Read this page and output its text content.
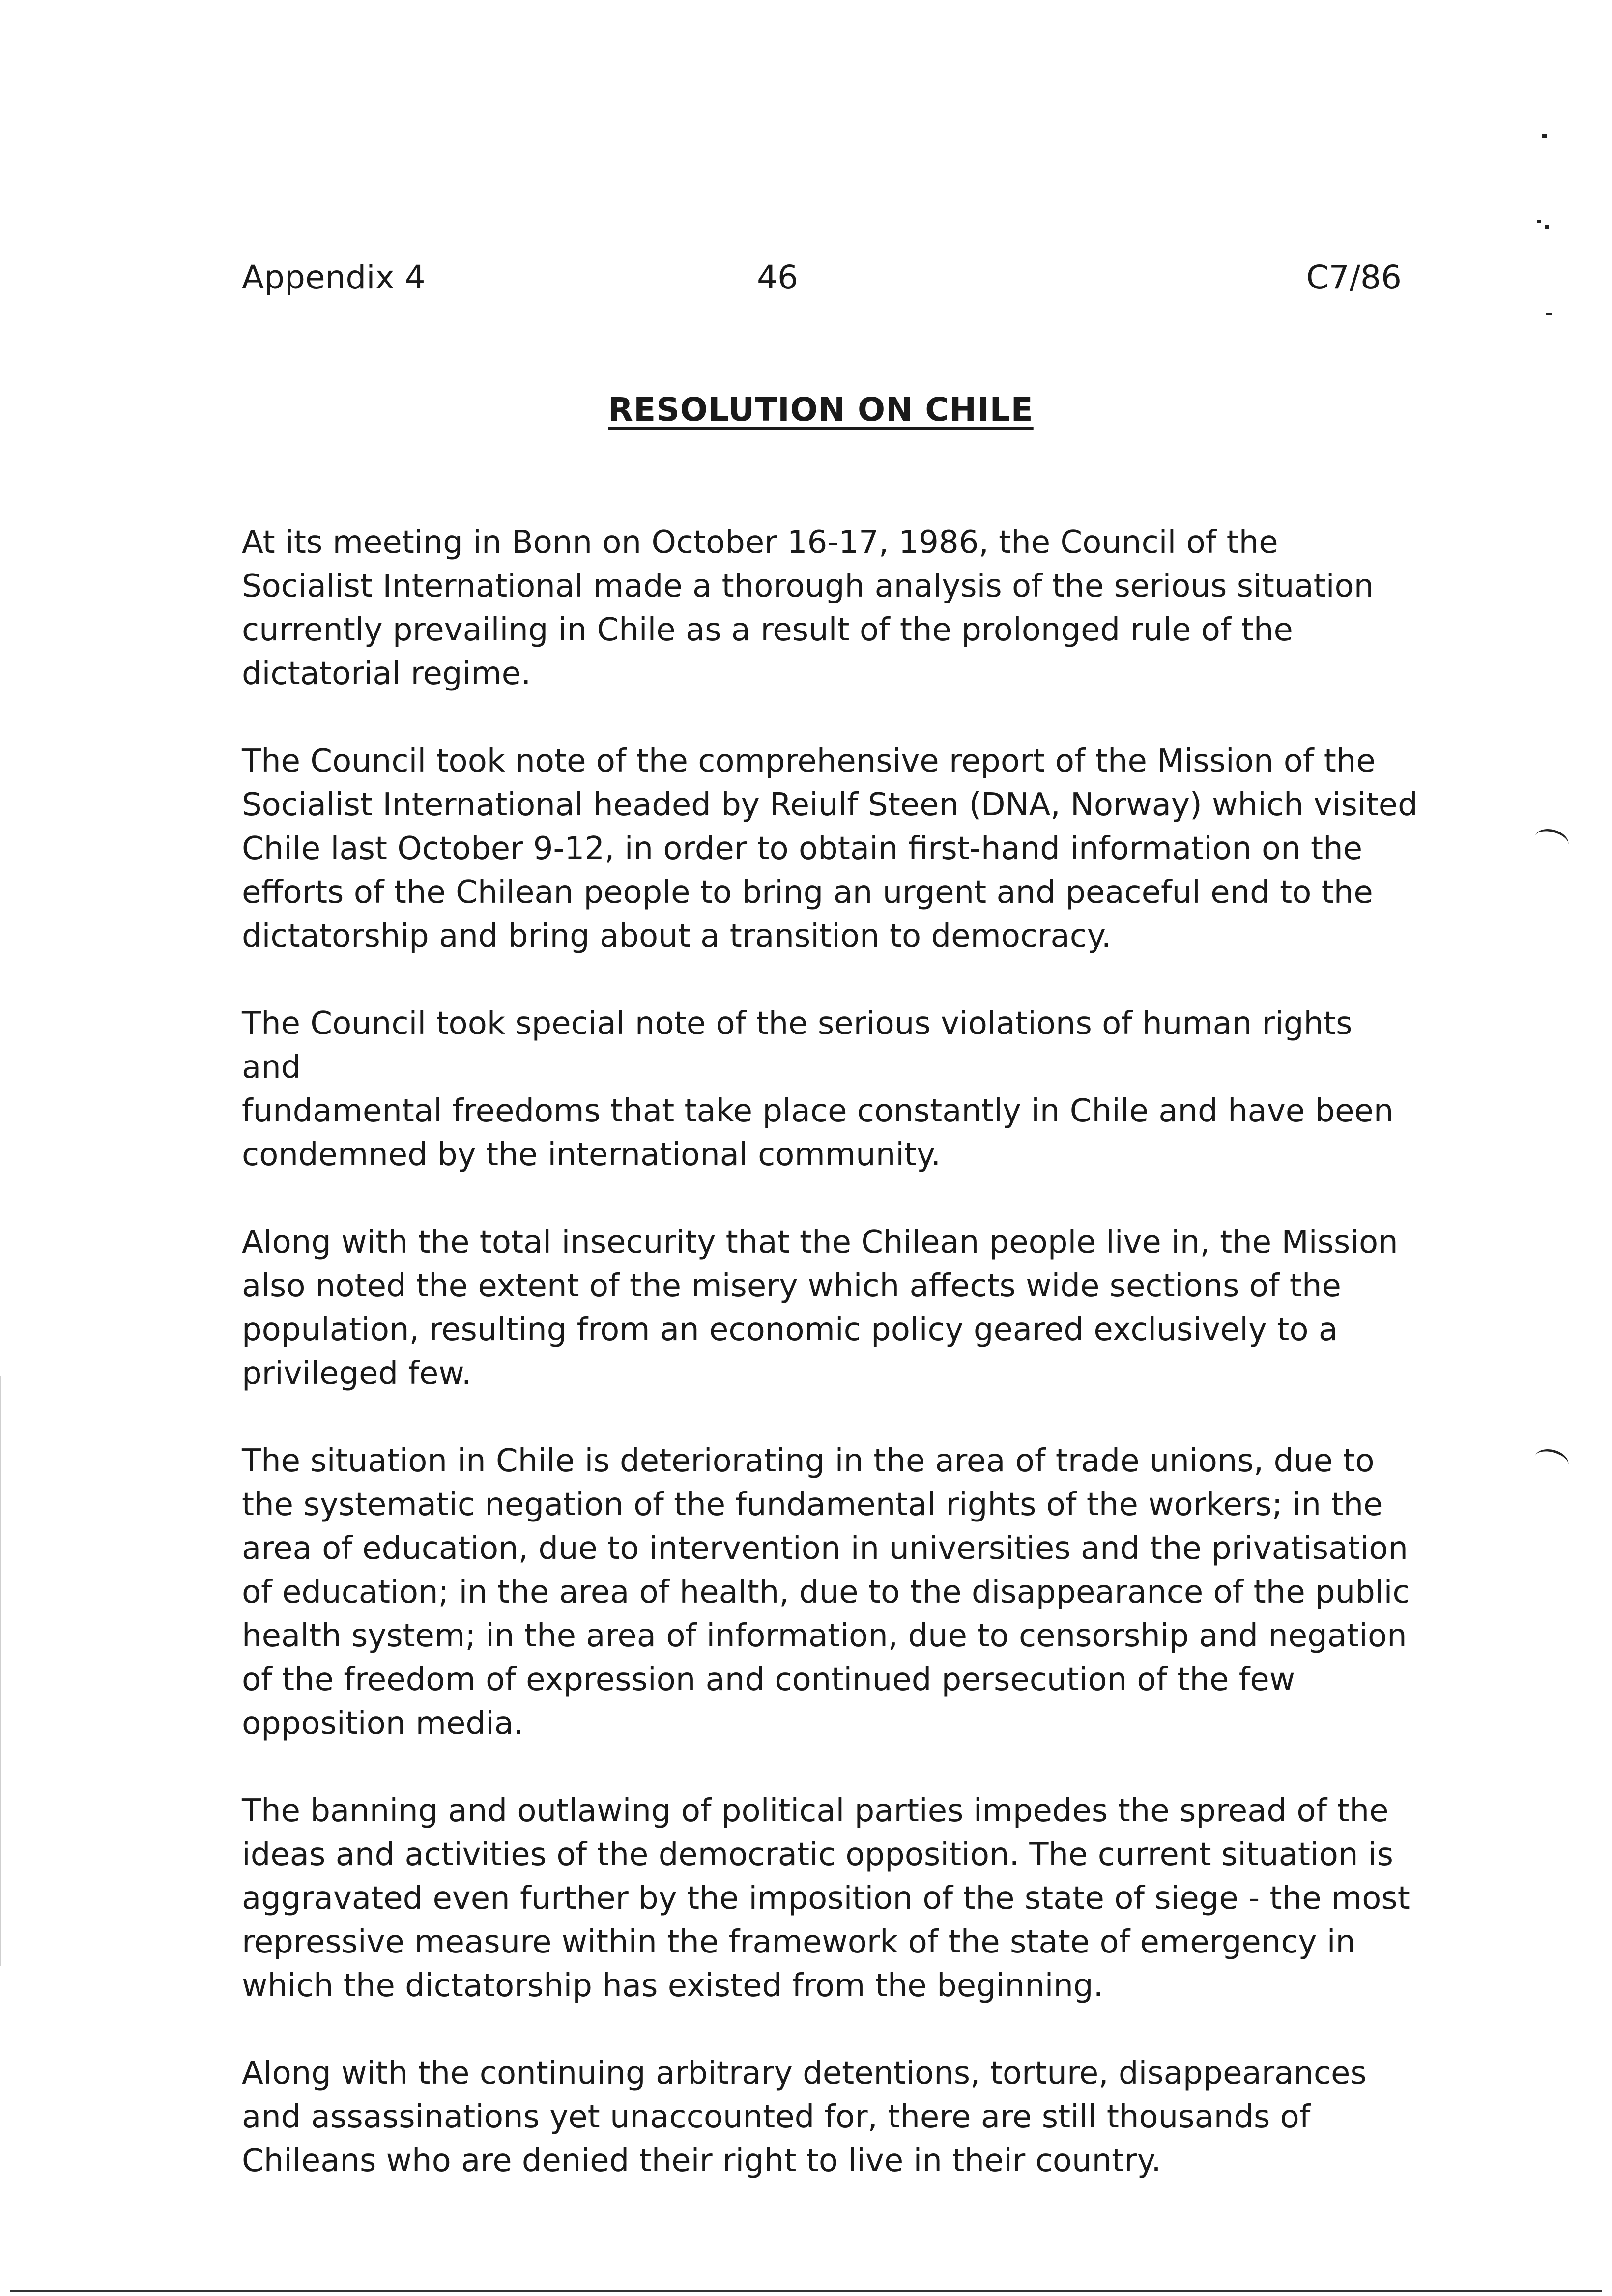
Appendix 4	46	C7/86
RESOLUTION ON CHILE

At its meeting in Bonn on October 16-17, 1986, the Council of the
Socialist International made a thorough analysis of the serious situation
currently prevailing in Chile as a result of the prolonged rule of the
dictatorial regime.

The Council took note of the comprehensive report of the Mission of the
Socialist International headed by Reiulf Steen (DNA, Norway) which visited
Chile last October 9-12, in order to obtain first-hand information on the
efforts of the Chilean people to bring an urgent and peaceful end to the
dictatorship and bring about a transition to democracy.

The Council took special note of the serious violations of human rights and
fundamental freedoms that take place constantly in Chile and have been
condemned by the international community.

Along with the total insecurity that the Chilean people live in, the Mission
also noted the extent of the misery which affects wide sections of the
population, resulting from an economic policy geared exclusively to a
privileged few.

The situation in Chile is deteriorating in the area of trade unions, due to
the systematic negation of the fundamental rights of the workers; in the
area of education, due to intervention in universities and the privatisation
of education; in the area of health, due to the disappearance of the public
health system; in the area of information, due to censorship and negation
of the freedom of expression and continued persecution of the few
opposition media.

The banning and outlawing of political parties impedes the spread of the
ideas and activities of the democratic opposition. The current situation is
aggravated even further by the imposition of the state of siege - the most
repressive measure within the framework of the state of emergency in
which the dictatorship has existed from the beginning.

Along with the continuing arbitrary detentions, torture, disappearances
and assassinations yet unaccounted for, there are still thousands of
Chileans who are denied their right to live in their country.
